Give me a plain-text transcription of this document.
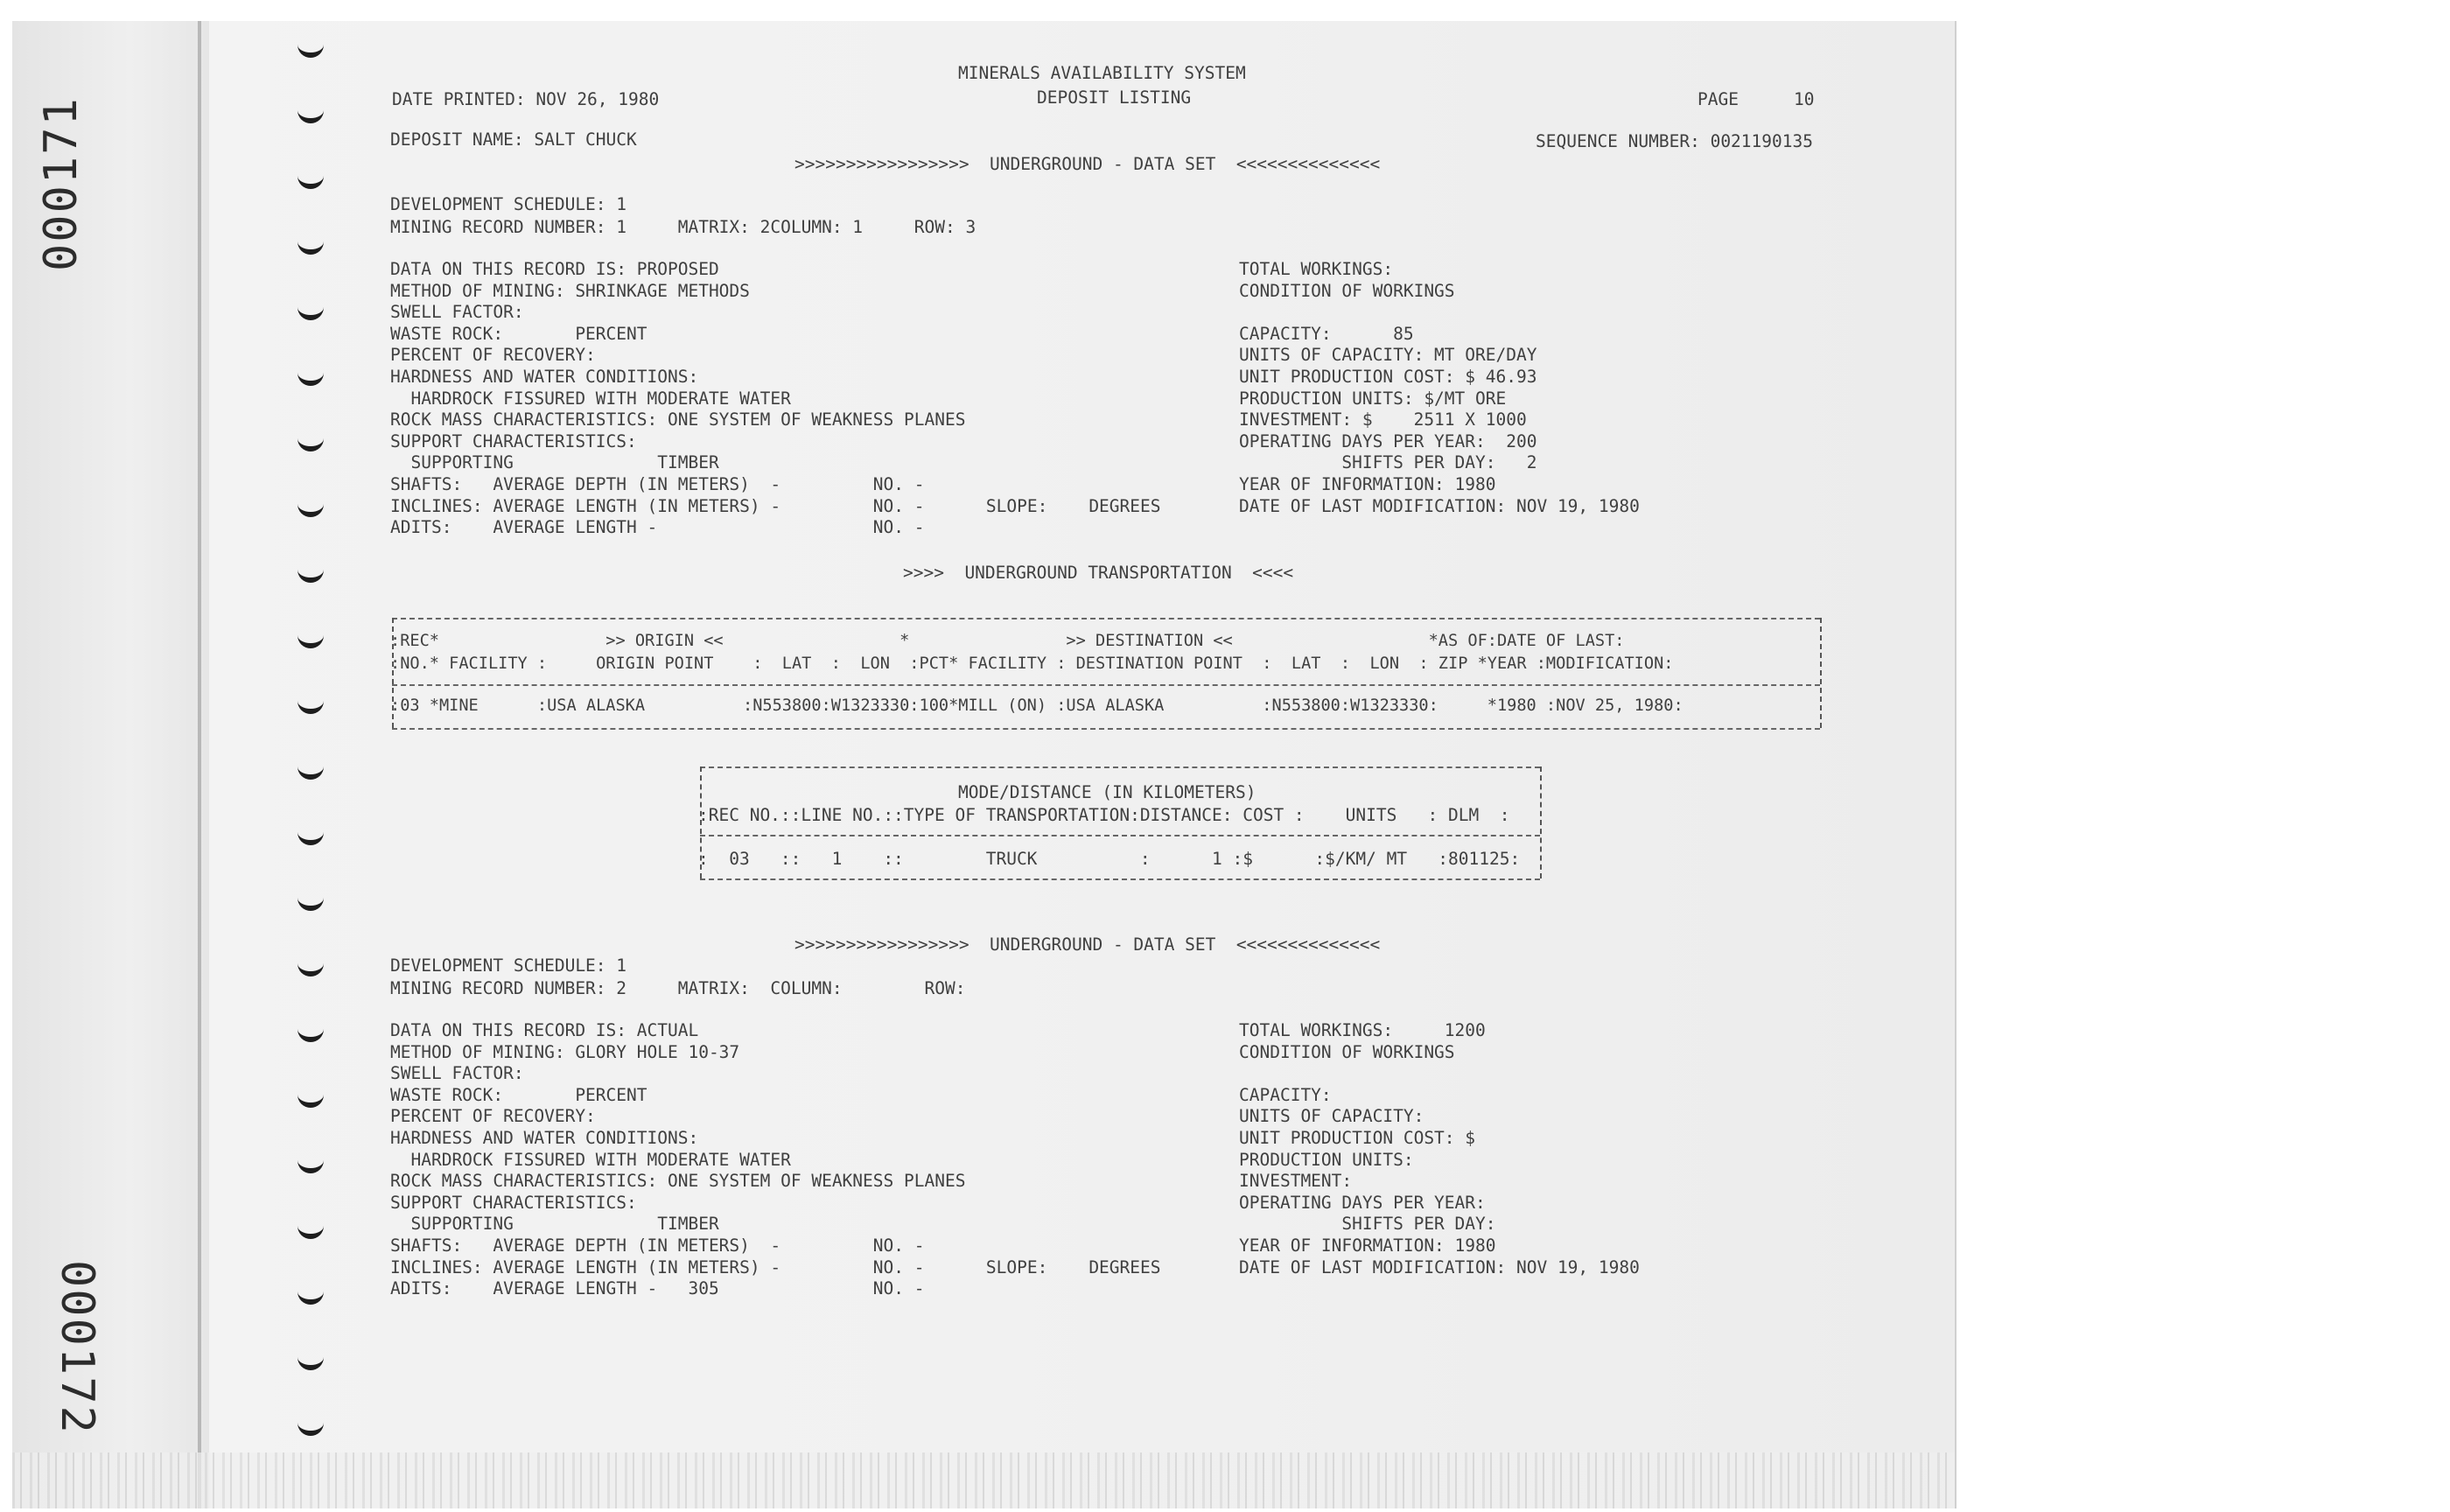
000171
000172
MINERALS AVAILABILITY SYSTEM
DEPOSIT LISTING
DATE PRINTED: NOV 26, 1980	PAGE	10
DEPOSIT NAME: SALT CHUCK	SEQUENCE NUMBER: 0021190135
>>>>>>>>>>>>>>>>>  UNDERGROUND - DATA SET  <<<<<<<<<<<<<<
DEVELOPMENT SCHEDULE: 1
MINING RECORD NUMBER: 1     MATRIX: 2COLUMN: 1     ROW: 3
DATA ON THIS RECORD IS: PROPOSED
METHOD OF MINING: SHRINKAGE METHODS
SWELL FACTOR:
WASTE ROCK:       PERCENT
PERCENT OF RECOVERY:
HARDNESS AND WATER CONDITIONS:
HARDROCK FISSURED WITH MODERATE WATER
ROCK MASS CHARACTERISTICS: ONE SYSTEM OF WEAKNESS PLANES
SUPPORT CHARACTERISTICS:
SUPPORTING              TIMBER
SHAFTS:   AVERAGE DEPTH (IN METERS)  -         NO. -
INCLINES: AVERAGE LENGTH (IN METERS) -         NO. -      SLOPE:    DEGREES
ADITS:    AVERAGE LENGTH -                     NO. -
TOTAL WORKINGS:
CONDITION OF WORKINGS
CAPACITY:      85
UNITS OF CAPACITY: MT ORE/DAY
UNIT PRODUCTION COST: $ 46.93
PRODUCTION UNITS: $/MT ORE
INVESTMENT: $    2511 X 1000
OPERATING DAYS PER YEAR:  200
SHIFTS PER DAY:   2
YEAR OF INFORMATION: 1980
DATE OF LAST MODIFICATION: NOV 19, 1980
>>>>  UNDERGROUND TRANSPORTATION  <<<<
:REC*                 >> ORIGIN <<                  *                >> DESTINATION <<                    *AS OF:DATE OF LAST:
:NO.* FACILITY :     ORIGIN POINT    :  LAT  :  LON  :PCT* FACILITY : DESTINATION POINT  :  LAT  :  LON  : ZIP *YEAR :MODIFICATION:
:03 *MINE      :USA ALASKA          :N553800:W1323330:100*MILL (ON) :USA ALASKA          :N553800:W1323330:     *1980 :NOV 25, 1980:
MODE/DISTANCE (IN KILOMETERS)
:REC NO.::LINE NO.::TYPE OF TRANSPORTATION:DISTANCE: COST :    UNITS   : DLM  :
:  03   ::   1    ::        TRUCK          :      1 :$      :$/KM/ MT   :801125:
>>>>>>>>>>>>>>>>>  UNDERGROUND - DATA SET  <<<<<<<<<<<<<<
DEVELOPMENT SCHEDULE: 1
MINING RECORD NUMBER: 2     MATRIX:  COLUMN:        ROW:
DATA ON THIS RECORD IS: ACTUAL
METHOD OF MINING: GLORY HOLE 10-37
SWELL FACTOR:
WASTE ROCK:       PERCENT
PERCENT OF RECOVERY:
HARDNESS AND WATER CONDITIONS:
HARDROCK FISSURED WITH MODERATE WATER
ROCK MASS CHARACTERISTICS: ONE SYSTEM OF WEAKNESS PLANES
SUPPORT CHARACTERISTICS:
SUPPORTING              TIMBER
SHAFTS:   AVERAGE DEPTH (IN METERS)  -         NO. -
INCLINES: AVERAGE LENGTH (IN METERS) -         NO. -      SLOPE:    DEGREES
ADITS:    AVERAGE LENGTH -   305               NO. -
TOTAL WORKINGS:     1200
CONDITION OF WORKINGS
CAPACITY:
UNITS OF CAPACITY:
UNIT PRODUCTION COST: $
PRODUCTION UNITS:
INVESTMENT:
OPERATING DAYS PER YEAR:
SHIFTS PER DAY:
YEAR OF INFORMATION: 1980
DATE OF LAST MODIFICATION: NOV 19, 1980
